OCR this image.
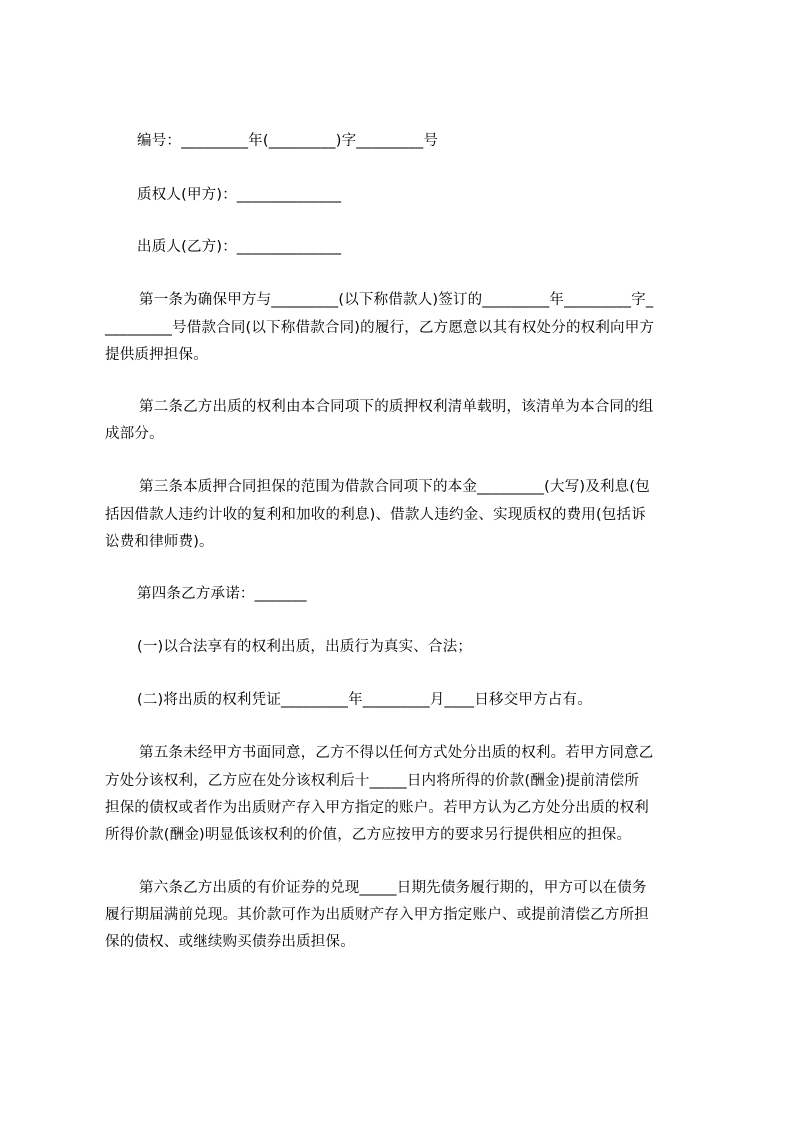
编号：_________年(_________)字_________号
质权人(甲方)：______________
出质人(乙方)：______________
第一条为确保甲方与_________(以下称借款人)签订的_________年_________字_
_________号借款合同(以下称借款合同)的履行，乙方愿意以其有权处分的权利向甲方
提供质押担保。
第二条乙方出质的权利由本合同项下的质押权利清单载明，该清单为本合同的组
成部分。
第三条本质押合同担保的范围为借款合同项下的本金_________(大写)及利息(包
括因借款人违约计收的复利和加收的利息)、借款人违约金、实现质权的费用(包括诉
讼费和律师费)。
第四条乙方承诺：_______
(一)以合法享有的权利出质，出质行为真实、合法；
(二)将出质的权利凭证_________年_________月____日移交甲方占有。
第五条未经甲方书面同意，乙方不得以任何方式处分出质的权利。若甲方同意乙
方处分该权利，乙方应在处分该权利后十_____日内将所得的价款(酬金)提前清偿所
担保的债权或者作为出质财产存入甲方指定的账户。若甲方认为乙方处分出质的权利
所得价款(酬金)明显低该权利的价值，乙方应按甲方的要求另行提供相应的担保。
第六条乙方出质的有价证券的兑现_____日期先债务履行期的，甲方可以在债务
履行期届满前兑现。其价款可作为出质财产存入甲方指定账户、或提前清偿乙方所担
保的债权、或继续购买债券出质担保。
